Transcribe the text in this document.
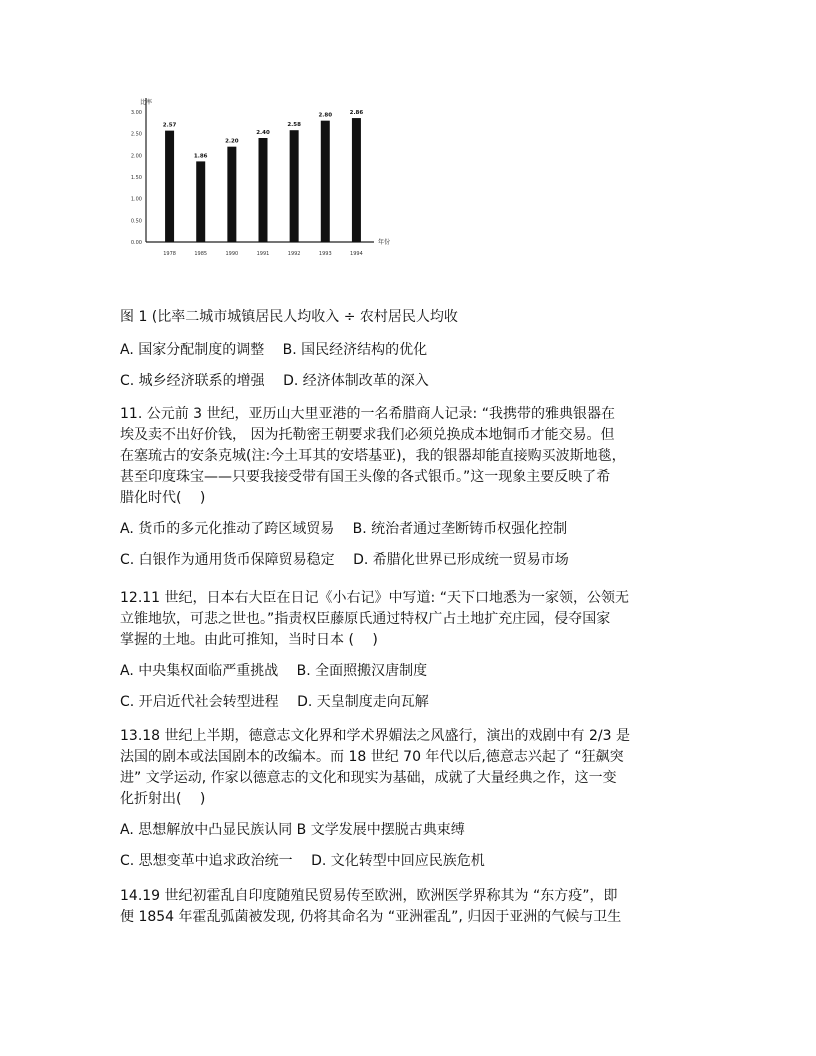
比率
年份
0.00
0.50
1.00
1.50
2.00
2.50
3.00
2.57
1978
1.86
1985
2.20
1990
2.40
1991
2.58
1992
2.80
1993
2.86
1994

图 1 (比率二城市城镇居民人均收入 ÷ 农村居民人均收

A. 国家分配制度的调整　 B. 国民经济结构的优化

C. 城乡经济联系的增强　 D. 经济体制改革的深入

11. 公元前 3 世纪，亚历山大里亚港的一名希腊商人记录: “我携带的雅典银器在

埃及卖不出好价钱， 因为托勒密王朝要求我们必须兑换成本地铜币才能交易。但

在塞琉古的安条克城(注:今土耳其的安塔基亚)，我的银器却能直接购买波斯地毯，

甚至印度珠宝——只要我接受带有国王头像的各式银币。”这一现象主要反映了希

腊化时代(　 )

A. 货币的多元化推动了跨区域贸易　 B. 统治者通过垄断铸币权强化控制

C. 白银作为通用货币保障贸易稳定　 D. 希腊化世界已形成统一贸易市场

12.11 世纪，日本右大臣在日记《小右记》中写道: “天下口地悉为一家领，公领无

立锥地欤，可悲之世也。”指责权臣藤原氏通过特权广占土地扩充庄园，侵夺国家

掌握的土地。由此可推知，当时日本 (　 )

A. 中央集权面临严重挑战　 B. 全面照搬汉唐制度

C. 开启近代社会转型进程　 D. 天皇制度走向瓦解

13.18 世纪上半期，德意志文化界和学术界媚法之风盛行，演出的戏剧中有 2/3 是

法国的剧本或法国剧本的改编本。而 18 世纪 70 年代以后,德意志兴起了 “狂飙突

进” 文学运动, 作家以德意志的文化和现实为基础，成就了大量经典之作，这一变

化折射出(　 )

A. 思想解放中凸显民族认同 B 文学发展中摆脱古典束缚

C. 思想变革中追求政治统一　 D. 文化转型中回应民族危机

14.19 世纪初霍乱自印度随殖民贸易传至欧洲，欧洲医学界称其为 “东方疫”，即

便 1854 年霍乱弧菌被发现, 仍将其命名为 “亚洲霍乱”, 归因于亚洲的气候与卫生
